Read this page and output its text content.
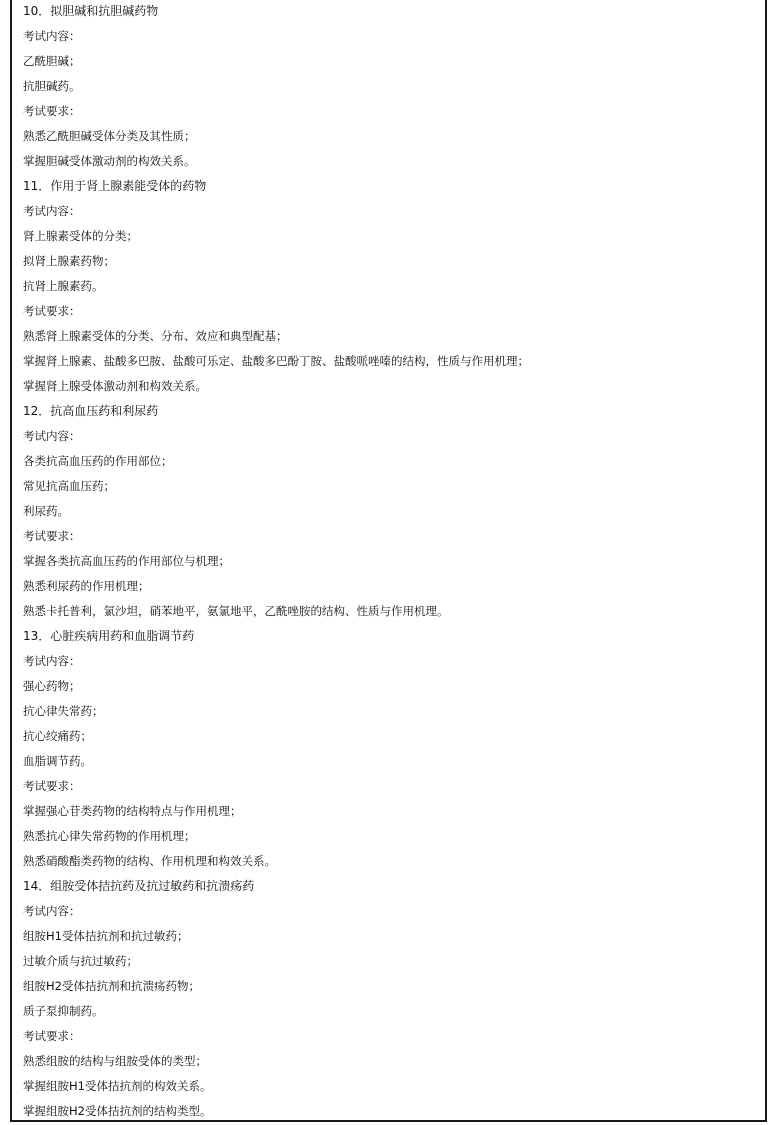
10．拟胆碱和抗胆碱药物
考试内容：
乙酰胆碱；
抗胆碱药。
考试要求：
熟悉乙酰胆碱受体分类及其性质；
掌握胆碱受体激动剂的构效关系。
11．作用于肾上腺素能受体的药物
考试内容：
肾上腺素受体的分类；
拟肾上腺素药物；
抗肾上腺素药。
考试要求：
熟悉肾上腺素受体的分类、分布、效应和典型配基；
掌握肾上腺素、盐酸多巴胺、盐酸可乐定、盐酸多巴酚丁胺、盐酸哌唑嗪的结构，性质与作用机理；
掌握肾上腺受体激动剂和构效关系。
12．抗高血压药和利尿药
考试内容：
各类抗高血压药的作用部位；
常见抗高血压药；
利尿药。
考试要求：
掌握各类抗高血压药的作用部位与机理；
熟悉利尿药的作用机理；
熟悉卡托普利，氯沙坦，硝苯地平，氨氯地平，乙酰唑胺的结构、性质与作用机理。
13．心脏疾病用药和血脂调节药
考试内容：
强心药物；
抗心律失常药；
抗心绞痛药；
血脂调节药。
考试要求：
掌握强心苷类药物的结构特点与作用机理；
熟悉抗心律失常药物的作用机理；
熟悉硝酸酯类药物的结构、作用机理和构效关系。
14．组胺受体拮抗药及抗过敏药和抗溃疡药
考试内容：
组胺H1受体拮抗剂和抗过敏药；
过敏介质与抗过敏药；
组胺H2受体拮抗剂和抗溃疡药物；
质子泵抑制药。
考试要求：
熟悉组胺的结构与组胺受体的类型；
掌握组胺H1受体拮抗剂的构效关系。
掌握组胺H2受体拮抗剂的结构类型。
